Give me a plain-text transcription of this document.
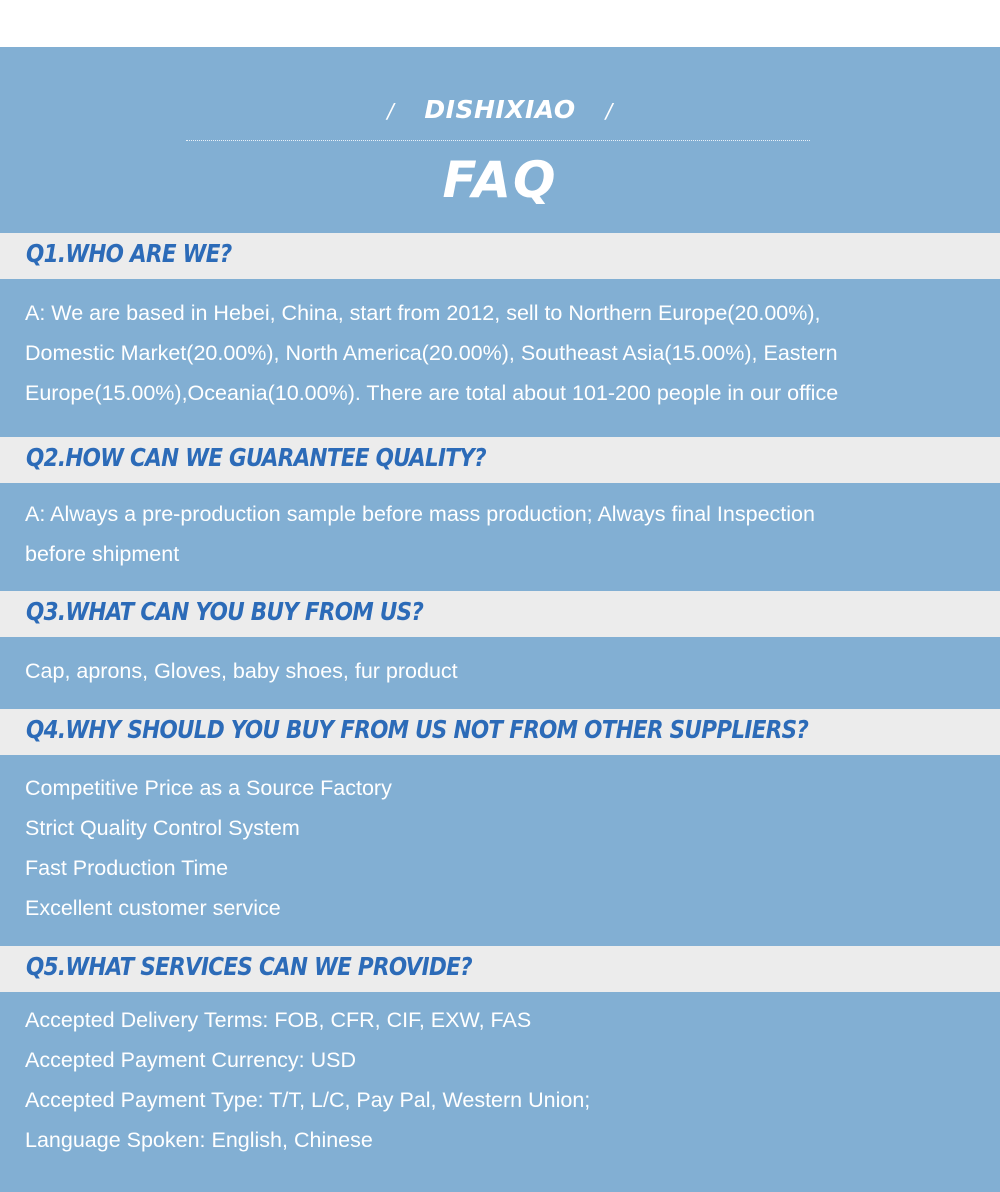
/ DISHIXIAO /
FAQ
Q1.WHO ARE WE?
A: We are based in Hebei, China, start from 2012, sell to Northern Europe(20.00%),
Domestic Market(20.00%), North America(20.00%), Southeast Asia(15.00%), Eastern
Europe(15.00%),Oceania(10.00%). There are total about 101-200 people in our office
Q2.HOW CAN WE GUARANTEE QUALITY?
A: Always a pre-production sample before mass production; Always final Inspection
before shipment
Q3.WHAT CAN YOU BUY FROM US?
Cap, aprons, Gloves, baby shoes, fur product
Q4.WHY SHOULD YOU BUY FROM US NOT FROM OTHER SUPPLIERS?
Competitive Price as a Source Factory
Strict Quality Control System
Fast Production Time
Excellent customer service
Q5.WHAT SERVICES CAN WE PROVIDE?
Accepted Delivery Terms: FOB, CFR, CIF, EXW, FAS
Accepted Payment Currency: USD
Accepted Payment Type: T/T, L/C, Pay Pal, Western Union;
Language Spoken: English, Chinese
